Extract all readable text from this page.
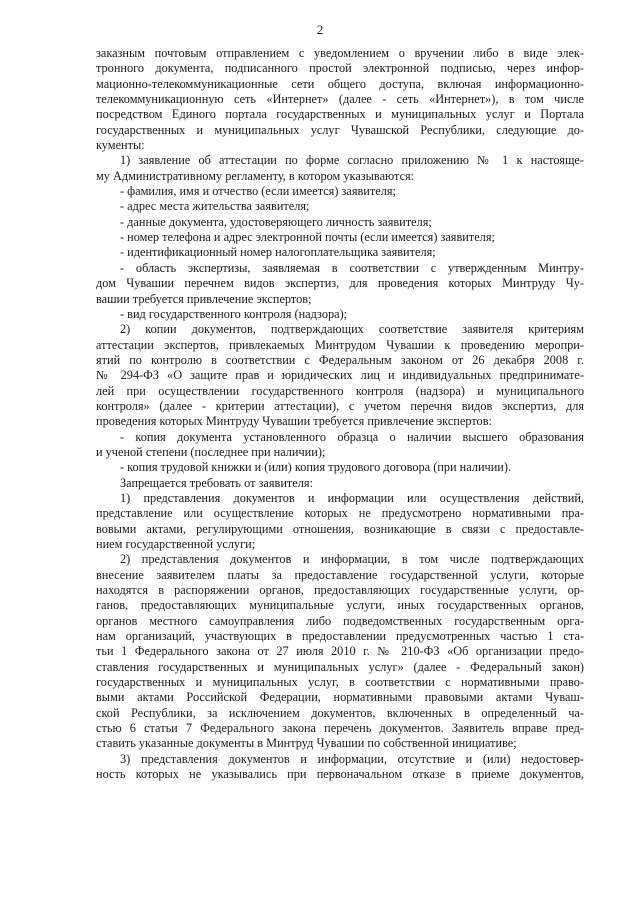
2
заказным почтовым отправлением с уведомлением о вручении либо в виде элек-
тронного документа, подписанного простой электронной подписью, через инфор-
мационно-телекоммуникационные сети общего доступа, включая информационно-
телекоммуникационную сеть «Интернет» (далее - сеть «Интернет»), в том числе
посредством Единого портала государственных и муниципальных услуг и Портала
государственных и муниципальных услуг Чувашской Республики, следующие до-
кументы:
1) заявление об аттестации по форме согласно приложению № 1 к настояще-
му Административному регламенту, в котором указываются:
- фамилия, имя и отчество (если имеется) заявителя;
- адрес места жительства заявителя;
- данные документа, удостоверяющего личность заявителя;
- номер телефона и адрес электронной почты (если имеется) заявителя;
- идентификационный номер налогоплательщика заявителя;
- область экспертизы, заявляемая в соответствии с утвержденным Минтру-
дом Чувашии перечнем видов экспертиз, для проведения которых Минтруду Чу-
вашии требуется привлечение экспертов;
- вид государственного контроля (надзора);
2) копии документов, подтверждающих соответствие заявителя критериям
аттестации экспертов, привлекаемых Минтрудом Чувашии к проведению меропри-
ятий по контролю в соответствии с Федеральным законом от 26 декабря 2008 г.
№ 294-ФЗ «О защите прав и юридических лиц и индивидуальных предпринимате-
лей при осуществлении государственного контроля (надзора) и муниципального
контроля» (далее - критерии аттестации), с учетом перечня видов экспертиз, для
проведения которых Минтруду Чувашии требуется привлечение экспертов:
- копия документа установленного образца о наличии высшего образования
и ученой степени (последнее при наличии);
- копия трудовой книжки и (или) копия трудового договора (при наличии).
Запрещается требовать от заявителя:
1) представления документов и информации или осуществления действий,
представление или осуществление которых не предусмотрено нормативными пра-
вовыми актами, регулирующими отношения, возникающие в связи с предоставле-
нием государственной услуги;
2) представления документов и информации, в том числе подтверждающих
внесение заявителем платы за предоставление государственной услуги, которые
находятся в распоряжении органов, предоставляющих государственные услуги, ор-
ганов, предоставляющих муниципальные услуги, иных государственных органов,
органов местного самоуправления либо подведомственных государственным орга-
нам организаций, участвующих в предоставлении предусмотренных частью 1 ста-
тьи 1 Федерального закона от 27 июля 2010 г. № 210-ФЗ «Об организации предо-
ставления государственных и муниципальных услуг» (далее - Федеральный закон)
государственных и муниципальных услуг, в соответствии с нормативными право-
выми актами Российской Федерации, нормативными правовыми актами Чуваш-
ской Республики, за исключением документов, включенных в определенный ча-
стью 6 статьи 7 Федерального закона перечень документов. Заявитель вправе пред-
ставить указанные документы в Минтруд Чувашии по собственной инициативе;
3) представления документов и информации, отсутствие и (или) недостовер-
ность которых не указывались при первоначальном отказе в приеме документов,
